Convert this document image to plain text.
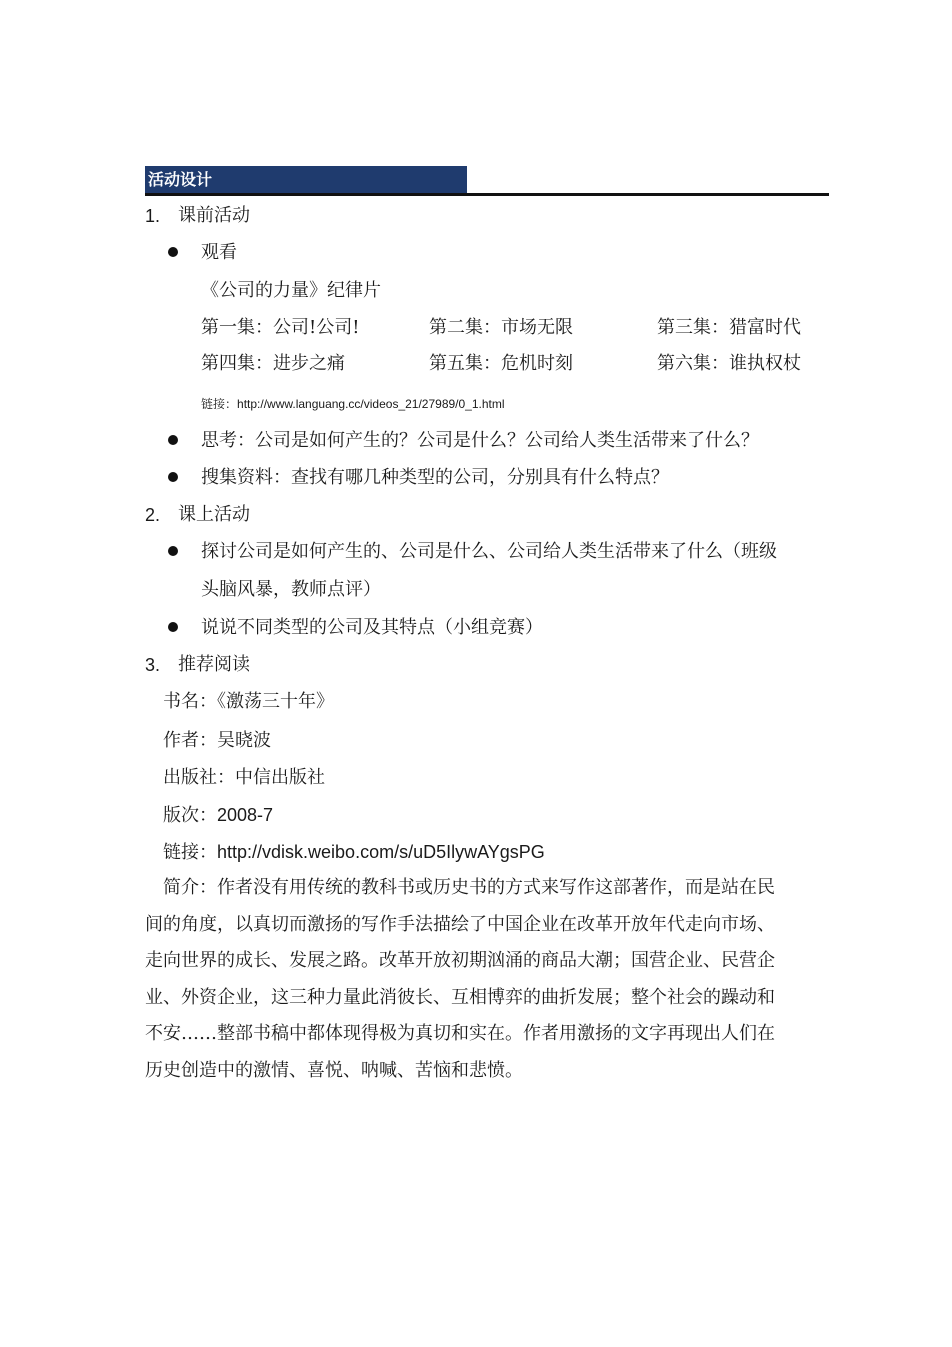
活动设计
1. 课前活动
观看
《公司的力量》纪律片
第一集：公司!公司!	第二集：市场无限	第三集：猎富时代
第四集：进步之痛	第五集：危机时刻	第六集：谁执权杖
链接：http://www.languang.cc/videos_21/27989/0_1.html
思考：公司是如何产生的？公司是什么？公司给人类生活带来了什么？
搜集资料：查找有哪几种类型的公司，分别具有什么特点？
2. 课上活动
探讨公司是如何产生的、公司是什么、公司给人类生活带来了什么（班级
头脑风暴，教师点评）
说说不同类型的公司及其特点（小组竞赛）
3. 推荐阅读
书名：《激荡三十年》
作者：吴晓波
出版社：中信出版社
版次：2008-7
链接：http://vdisk.weibo.com/s/uD5IlywAYgsPG
简介：作者没有用传统的教科书或历史书的方式来写作这部著作，而是站在民
间的角度，以真切而激扬的写作手法描绘了中国企业在改革开放年代走向市场、
走向世界的成长、发展之路。改革开放初期汹涌的商品大潮；国营企业、民营企
业、外资企业，这三种力量此消彼长、互相博弈的曲折发展；整个社会的躁动和
不安……整部书稿中都体现得极为真切和实在。作者用激扬的文字再现出人们在
历史创造中的激情、喜悦、呐喊、苦恼和悲愤。
